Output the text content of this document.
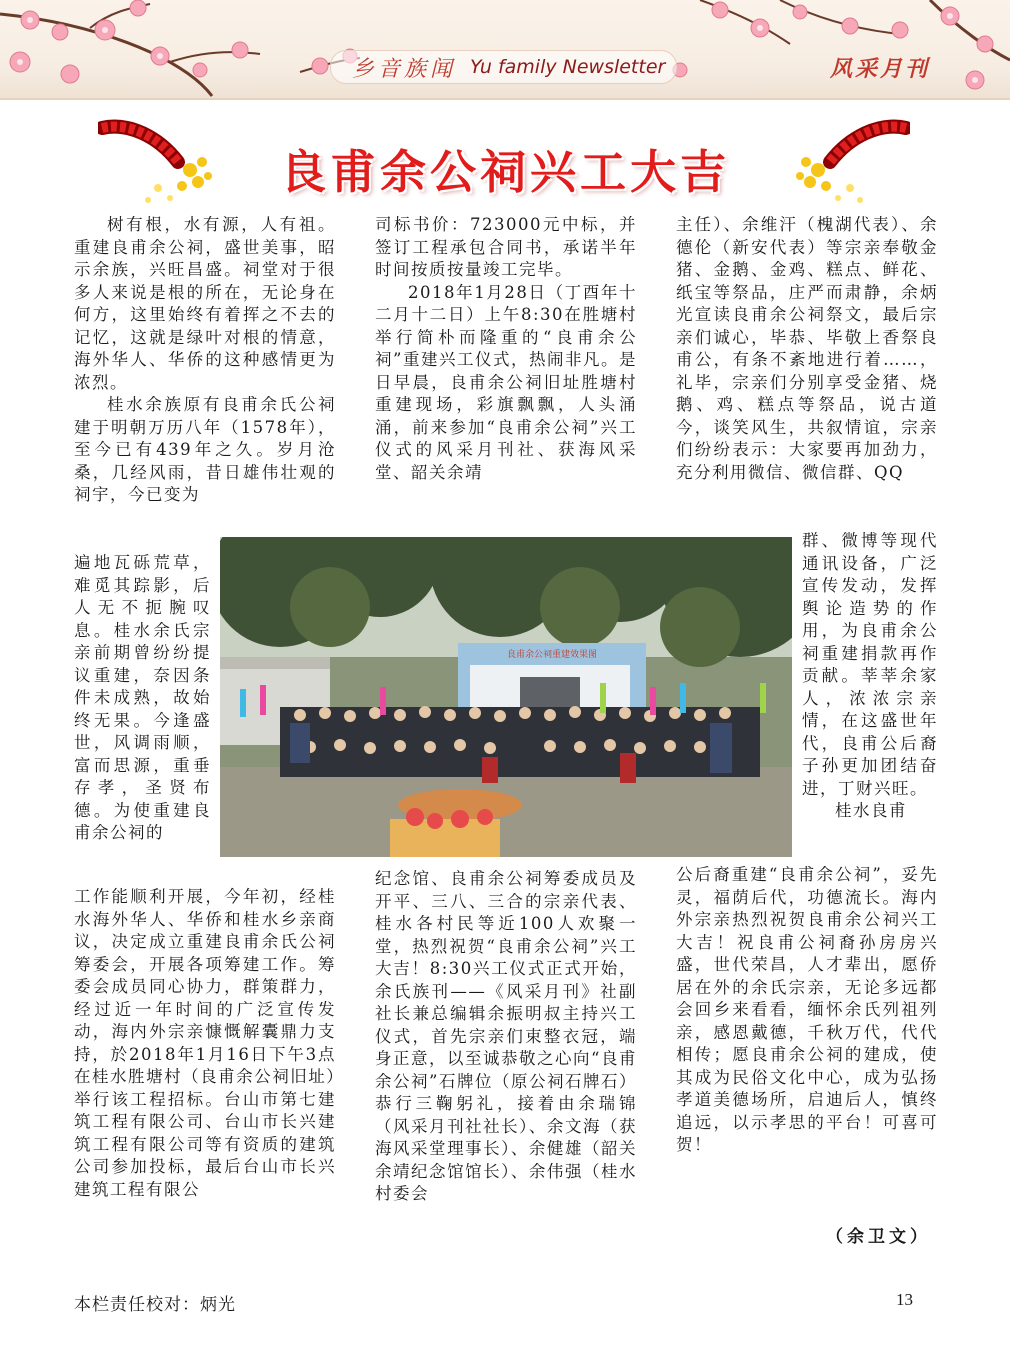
乡音族闻 Yu family Newsletter	风采月刊
良甫余公祠兴工大吉

树有根，水有源，人有祖。重建良甫余公祠，盛世美事，昭示余族，兴旺昌盛。祠堂对于很多人来说是根的所在，无论身在何方，这里始终有着挥之不去的记忆，这就是绿叶对根的情意，海外华人、华侨的这种感情更为浓烈。

桂水余族原有良甫余氏公祠建于明朝万历八年（1578年），至今已有439年之久。岁月沧桑，几经风雨，昔日雄伟壮观的祠宇，今已变为

遍地瓦砾荒草，难觅其踪影，后人无不扼腕叹息。桂水余氏宗亲前期曾纷纷提议重建，奈因条件未成熟，故始终无果。今逢盛世，风调雨顺，富而思源，重垂存孝，圣贤布德。为使重建良甫余公祠的

工作能顺利开展，今年初，经桂水海外华人、华侨和桂水乡亲商议，决定成立重建良甫余氏公祠筹委会，开展各项筹建工作。筹委会成员同心协力，群策群力，经过近一年时间的广泛宣传发动，海内外宗亲慷慨解囊鼎力支持，於2018年1月16日下午3点在桂水胜塘村（良甫余公祠旧址）举行该工程招标。台山市第七建筑工程有限公司、台山市长兴建筑工程有限公司等有资质的建筑公司参加投标，最后台山市长兴建筑工程有限公

司标书价：723000元中标，并签订工程承包合同书，承诺半年时间按质按量竣工完毕。

2018年1月28日（丁酉年十二月十二日）上午8:30在胜塘村举行简朴而隆重的“良甫余公祠”重建兴工仪式，热闹非凡。是日早晨，良甫余公祠旧址胜塘村重建现场，彩旗飘飘，人头涌涌，前来参加“良甫余公祠”兴工仪式的风采月刊社、获海风采堂、韶关余靖

纪念馆、良甫余公祠筹委成员及开平、三八、三合的宗亲代表、桂水各村民等近100人欢聚一堂，热烈祝贺“良甫余公祠”兴工大吉！8:30兴工仪式正式开始，余氏族刊——《风采月刊》社副社长兼总编辑余振明叔主持兴工仪式，首先宗亲们束整衣冠，端身正意，以至诚恭敬之心向“良甫余公祠”石牌位（原公祠石牌石）恭行三鞠躬礼，接着由余瑞锦（风采月刊社社长）、余文海（获海风采堂理事长）、余健雄（韶关余靖纪念馆馆长）、余伟强（桂水村委会

主任）、余维汗（槐湖代表）、余德伦（新安代表）等宗亲奉敬金猪、金鹅、金鸡、糕点、鲜花、纸宝等祭品，庄严而肃静，余炳光宣读良甫余公祠祭文，最后宗亲们诚心，毕恭、毕敬上香祭良甫公，有条不紊地进行着……，礼毕，宗亲们分别享受金猪、烧鹅、鸡、糕点等祭品，说古道今，谈笑风生，共叙情谊，宗亲们纷纷表示：大家要再加劲力，充分利用微信、微信群、QQ

群、微博等现代通讯设备，广泛宣传发动，发挥舆论造势的作用，为良甫余公祠重建捐款再作贡献。莘莘余家人，浓浓宗亲情，在这盛世年代，良甫公后裔子孙更加团结奋进，丁财兴旺。

桂水良甫

公后裔重建“良甫余公祠”，妥先灵，福荫后代，功德流长。海内外宗亲热烈祝贺良甫余公祠兴工大吉！祝良甫公祠裔孙房房兴盛，世代荣昌，人才辈出，愿侨居在外的余氏宗亲，无论多远都会回乡来看看，缅怀余氏列祖列亲，感恩戴德，千秋万代，代代相传；愿良甫余公祠的建成，使其成为民俗文化中心，成为弘扬孝道美德场所，启迪后人，慎终追远，以示孝思的平台！可喜可贺！

良甫余公祠重建效果图
（余卫文）
本栏责任校对：炳光	13
